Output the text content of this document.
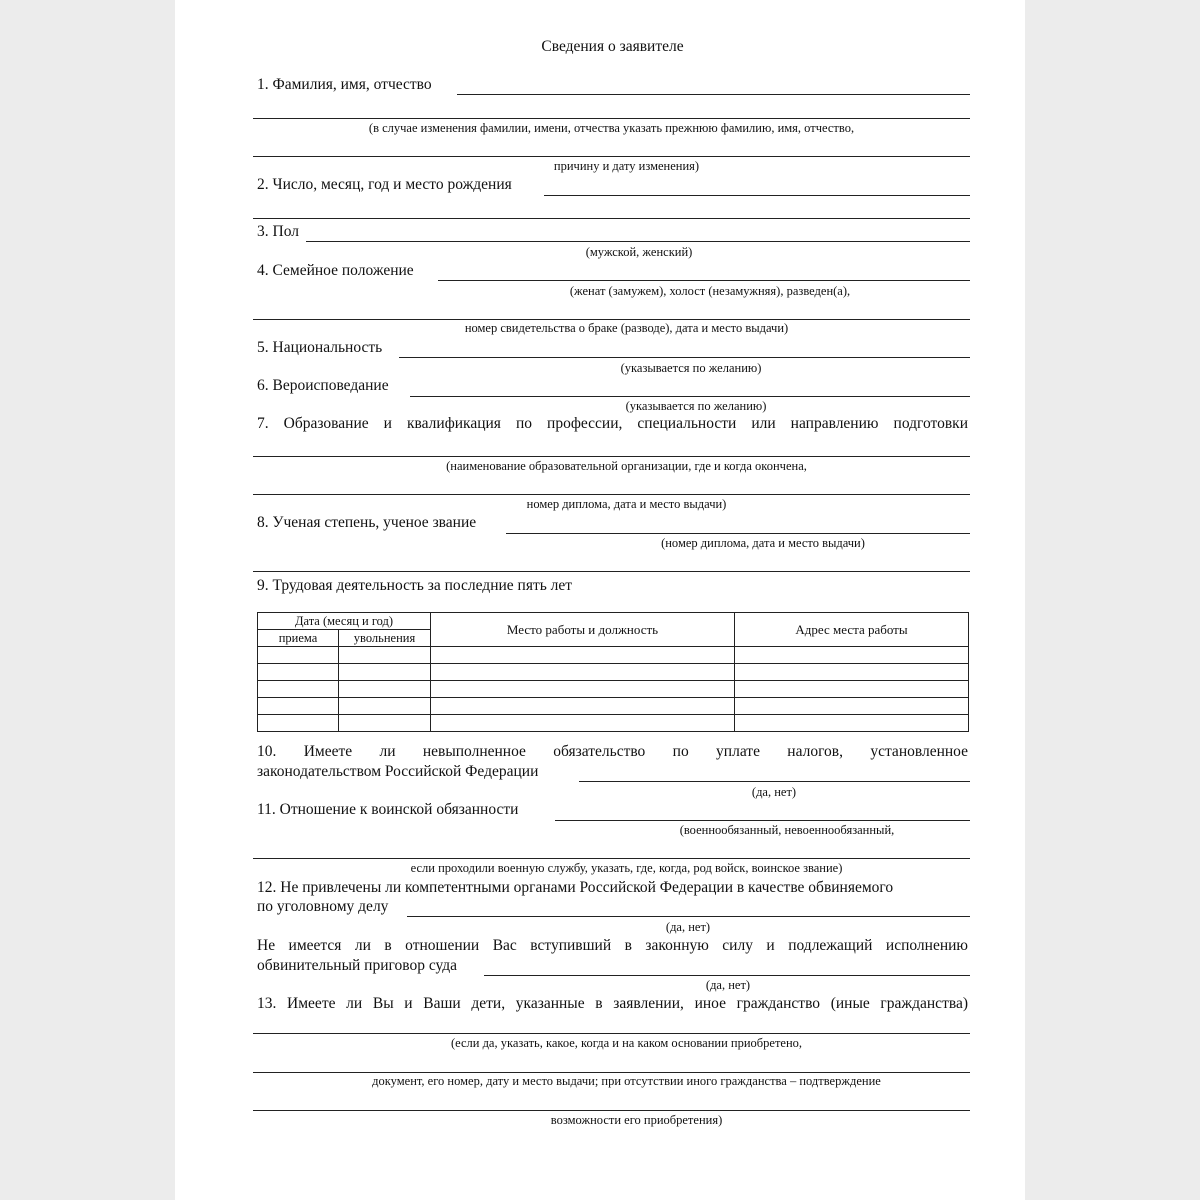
Сведения о заявителе
1. Фамилия, имя, отчество
(в случае изменения фамилии, имени, отчества указать прежнюю фамилию, имя, отчество,
причину и дату изменения)
2. Число, месяц, год и место рождения
3. Пол
(мужской, женский)
4. Семейное положение
(женат (замужем), холост (незамужняя), разведен(а),
номер свидетельства о браке (разводе), дата и место выдачи)
5. Национальность
(указывается по желанию)
6. Вероисповедание
(указывается по желанию)
7. Образование и квалификация по профессии, специальности или направлению подготовки
(наименование образовательной организации, где и когда окончена,
номер диплома, дата и место выдачи)
8. Ученая степень, ученое звание
(номер диплома, дата и место выдачи)
9. Трудовая деятельность за последние пять лет
Дата (месяц и год)		Место работы и должность	Адрес места работы
приема	увольнения		

10. Имеете ли невыполненное обязательство по уплате налогов, установленное
законодательством Российской Федерации
(да, нет)
11. Отношение к воинской обязанности
(военнообязанный, невоеннообязанный,
если проходили военную службу, указать, где, когда, род войск, воинское звание)
12. Не привлечены ли компетентными органами Российской Федерации в качестве обвиняемого
по уголовному делу
(да, нет)
Не имеется ли в отношении Вас вступивший в законную силу и подлежащий исполнению
обвинительный приговор суда
(да, нет)
13. Имеете ли Вы и Ваши дети, указанные в заявлении, иное гражданство (иные гражданства)
(если да, указать, какое, когда и на каком основании приобретено,
документ, его номер, дату и место выдачи; при отсутствии иного гражданства – подтверждение
возможности его приобретения)
